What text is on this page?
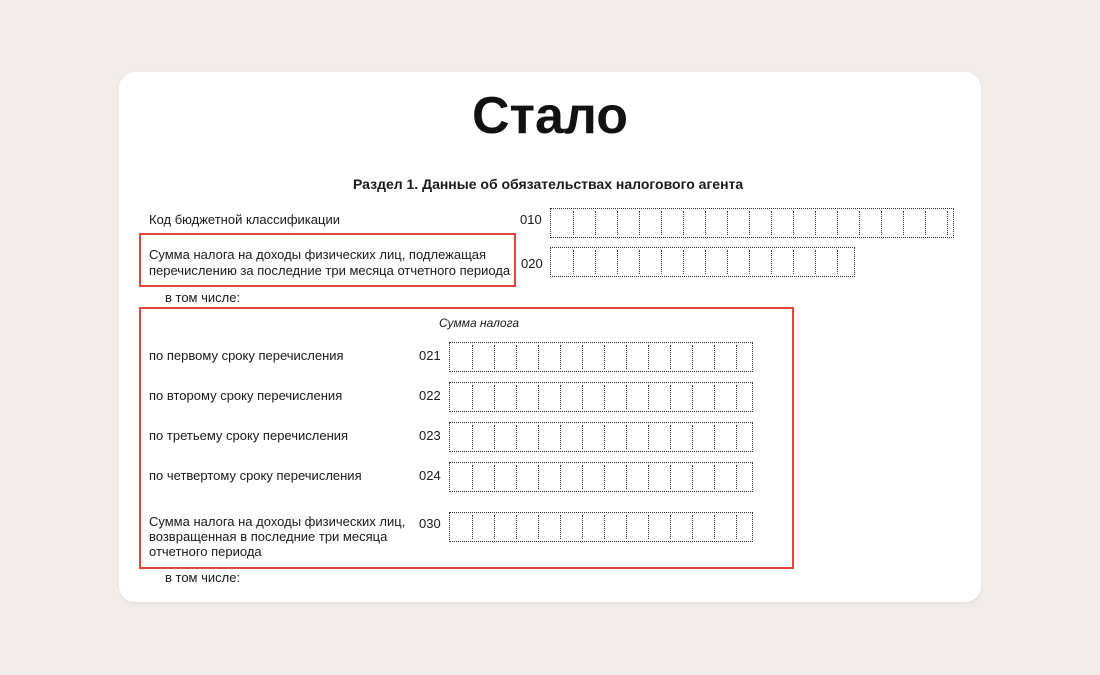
Стало
Раздел 1. Данные об обязательствах налогового агента
Код бюджетной классификации	010
Сумма налога на доходы физических лиц, подлежащая
перечислению за последние три месяца отчетного периода 020
в том числе:
Сумма налога
по первому сроку перечисления	021
по второму сроку перечисления	022
по третьему сроку перечисления	023
по четвертому сроку перечисления	024
Сумма налога на доходы физических лиц,
возвращенная в последние три месяца
отчетного периода
030
в том числе:
